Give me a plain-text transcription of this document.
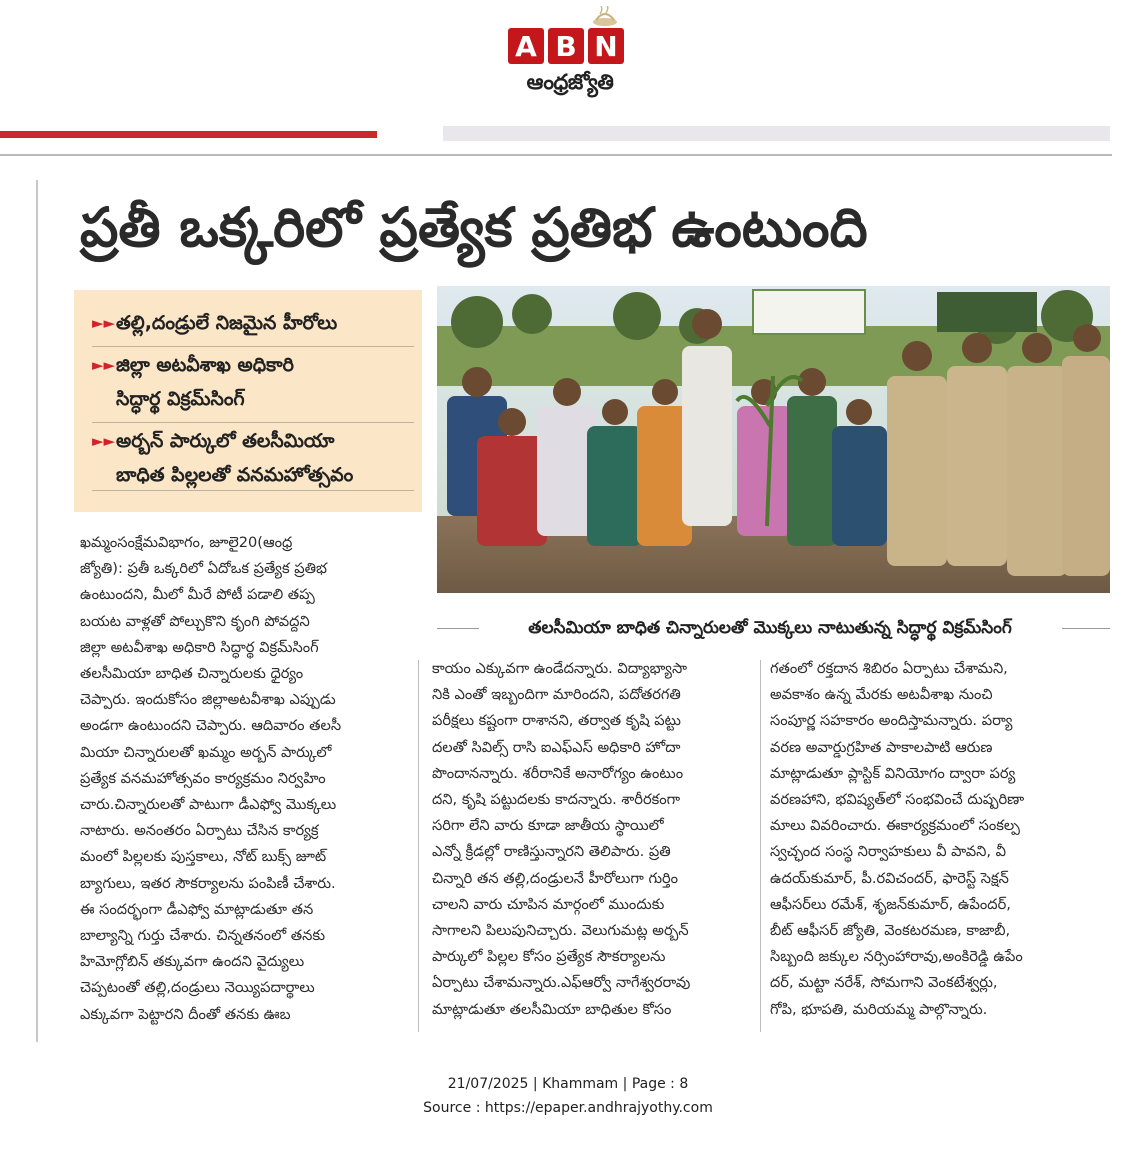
A B N
ఆంధ్రజ్యోతి
ప్రతీ ఒక్కరిలో ప్రత్యేక ప్రతిభ ఉంటుంది
►► తల్లి,దండ్రులే నిజమైన హీరోలు
►► జిల్లా అటవీశాఖ అధికారి
సిద్ధార్థ విక్రమ్‌సింగ్
►► అర్బన్ పార్కులో తలసీమియా
బాధిత పిల్లలతో వనమహోత్సవం
తలసీమియా బాధిత చిన్నారులతో మొక్కలు నాటుతున్న సిద్ధార్థ విక్రమ్‌సింగ్

ఖమ్మంసంక్షేమవిభాగం, జూలై20(ఆంధ్ర

జ్యోతి): ప్రతీ ఒక్కరిలో ఏదోఒక ప్రత్యేక ప్రతిభ

ఉంటుందని, మీలో మీరే పోటీ పడాలి తప్ప

బయట వాళ్లతో పోల్చుకొని కృంగి పోవద్దని

జిల్లా అటవీశాఖ అధికారి సిద్ధార్థ విక్రమ్‌సింగ్

తలసీమియా బాధిత చిన్నారులకు ధైర్యం

చెప్పారు. ఇందుకోసం జిల్లాఅటవీశాఖ ఎప్పుడు

అండగా ఉంటుందని చెప్పారు. ఆదివారం తలసీ

మియా చిన్నారులతో ఖమ్మం అర్బన్ పార్కులో

ప్రత్యేక వనమహోత్సవం కార్యక్రమం నిర్వహిం

చారు.చిన్నారులతో పాటుగా డీఎఫ్వో మొక్కలు

నాటారు. అనంతరం ఏర్పాటు చేసిన కార్యక్ర

మంలో పిల్లలకు పుస్తకాలు, నోట్ బుక్స్ జూట్

బ్యాగులు, ఇతర సౌకర్యాలను పంపిణీ చేశారు.

ఈ సందర్భంగా డీఎఫ్వో మాట్లాడుతూ తన

బాల్యాన్ని గుర్తు చేశారు. చిన్నతనంలో తనకు

హిమోగ్లోబిన్ తక్కువగా ఉందని వైద్యులు

చెప్పటంతో తల్లి,దండ్రులు నెయ్యిపదార్థాలు

ఎక్కువగా పెట్టారని దీంతో తనకు ఊబ

కాయం ఎక్కువగా ఉండేదన్నారు. విద్యాభ్యాసా

నికి ఎంతో ఇబ్బందిగా మారిందని, పదోతరగతి

పరీక్షలు కష్టంగా రాశానని, తర్వాత కృషి పట్టు

దలతో సివిల్స్ రాసి ఐఎఫ్ఎస్ అధికారి హోదా

పొందానన్నారు. శరీరానికే అనారోగ్యం ఉంటుం

దని, కృషి పట్టుదలకు కాదన్నారు. శారీరకంగా

సరిగా లేని వారు కూడా జాతీయ స్థాయిలో

ఎన్నో క్రీడల్లో రాణిస్తున్నారని తెలిపారు. ప్రతి

చిన్నారి తన తల్లి,దండ్రులనే హీరోలుగా గుర్తిం

చాలని వారు చూపిన మార్గంలో ముందుకు

సాగాలని పిలుపునిచ్చారు. వెలుగుమట్ల అర్బన్

పార్కులో పిల్లల కోసం ప్రత్యేక సౌకర్యాలను

ఏర్పాటు చేశామన్నారు.ఎఫ్ఆర్వో నాగేశ్వరరావు

మాట్లాడుతూ తలసీమియా బాధితుల కోసం

గతంలో రక్తదాన శిబిరం ఏర్పాటు చేశామని,

అవకాశం ఉన్న మేరకు అటవీశాఖ నుంచి

సంపూర్ణ సహకారం అందిస్తామన్నారు. పర్యా

వరణ అవార్డుగ్రహిత పాకాలపాటి ఆరుణ

మాట్లాడుతూ ప్లాస్టిక్ వినియోగం ద్వారా పర్య

వరణహాని, భవిష్యత్‌లో సంభవించే దుష్పరిణా

మాలు వివరించారు. ఈకార్యక్రమంలో సంకల్ప

స్వచ్ఛంద సంస్థ నిర్వాహకులు వీ పావని, వీ

ఉదయ్‌కుమార్, పీ.రవిచందర్, ఫారెస్ట్ సెక్షన్

ఆఫీసర్‌లు రమేశ్, శృజన్‌కుమార్, ఉపేందర్,

బీట్ ఆఫీసర్ జ్యోతి, వెంకటరమణ, కాజాబీ,

సిబ్బంది జక్కుల నర్సింహారావు,అంకిరెడ్డి ఉపేం

దర్, మట్టా నరేశ్, సోమగాని వెంకటేశ్వర్లు,

గోపి, భూపతి, మరియమ్మ పాల్గొన్నారు.

21/07/2025 | Khammam | Page : 8
Source : https://epaper.andhrajyothy.com
